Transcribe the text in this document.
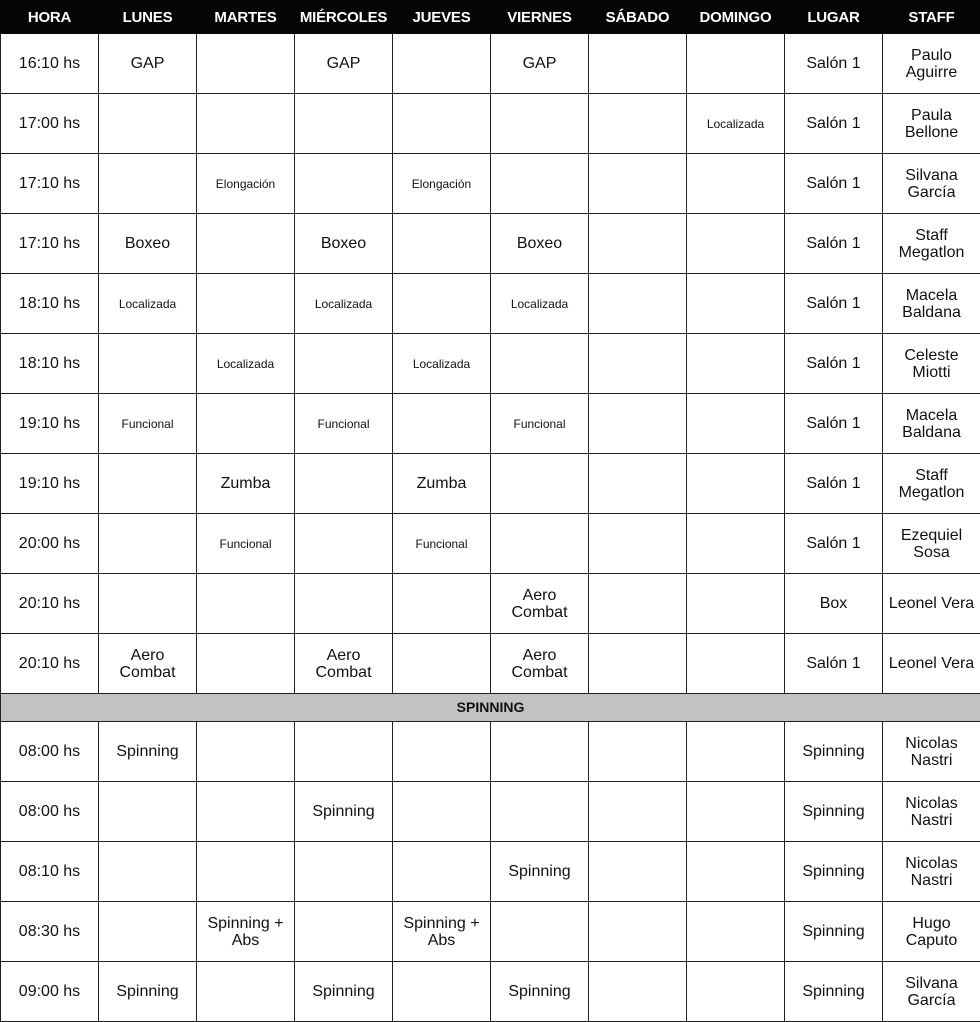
HORA	LUNES	MARTES	MIÉRCOLES	JUEVES	VIERNES	SÁBADO	DOMINGO	LUGAR	STAFF
16:10 hs	GAP		GAP		GAP			Salón 1	Paulo Aguirre
17:00 hs							Localizada	Salón 1	Paula Bellone
17:10 hs		Elongación		Elongación				Salón 1	Silvana García
17:10 hs	Boxeo		Boxeo		Boxeo			Salón 1	Staff Megatlon
18:10 hs	Localizada		Localizada		Localizada			Salón 1	Macela Baldana
18:10 hs		Localizada		Localizada				Salón 1	Celeste Miotti
19:10 hs	Funcional		Funcional		Funcional			Salón 1	Macela Baldana
19:10 hs		Zumba		Zumba				Salón 1	Staff Megatlon
20:00 hs		Funcional		Funcional				Salón 1	Ezequiel Sosa
20:10 hs					Aero Combat			Box	Leonel Vera
20:10 hs	Aero Combat		Aero Combat		Aero Combat			Salón 1	Leonel Vera
SPINNING									
08:00 hs	Spinning							Spinning	Nicolas Nastri
08:00 hs			Spinning					Spinning	Nicolas Nastri
08:10 hs					Spinning			Spinning	Nicolas Nastri
08:30 hs		Spinning + Abs		Spinning + Abs				Spinning	Hugo Caputo
09:00 hs	Spinning		Spinning		Spinning			Spinning	Silvana García
